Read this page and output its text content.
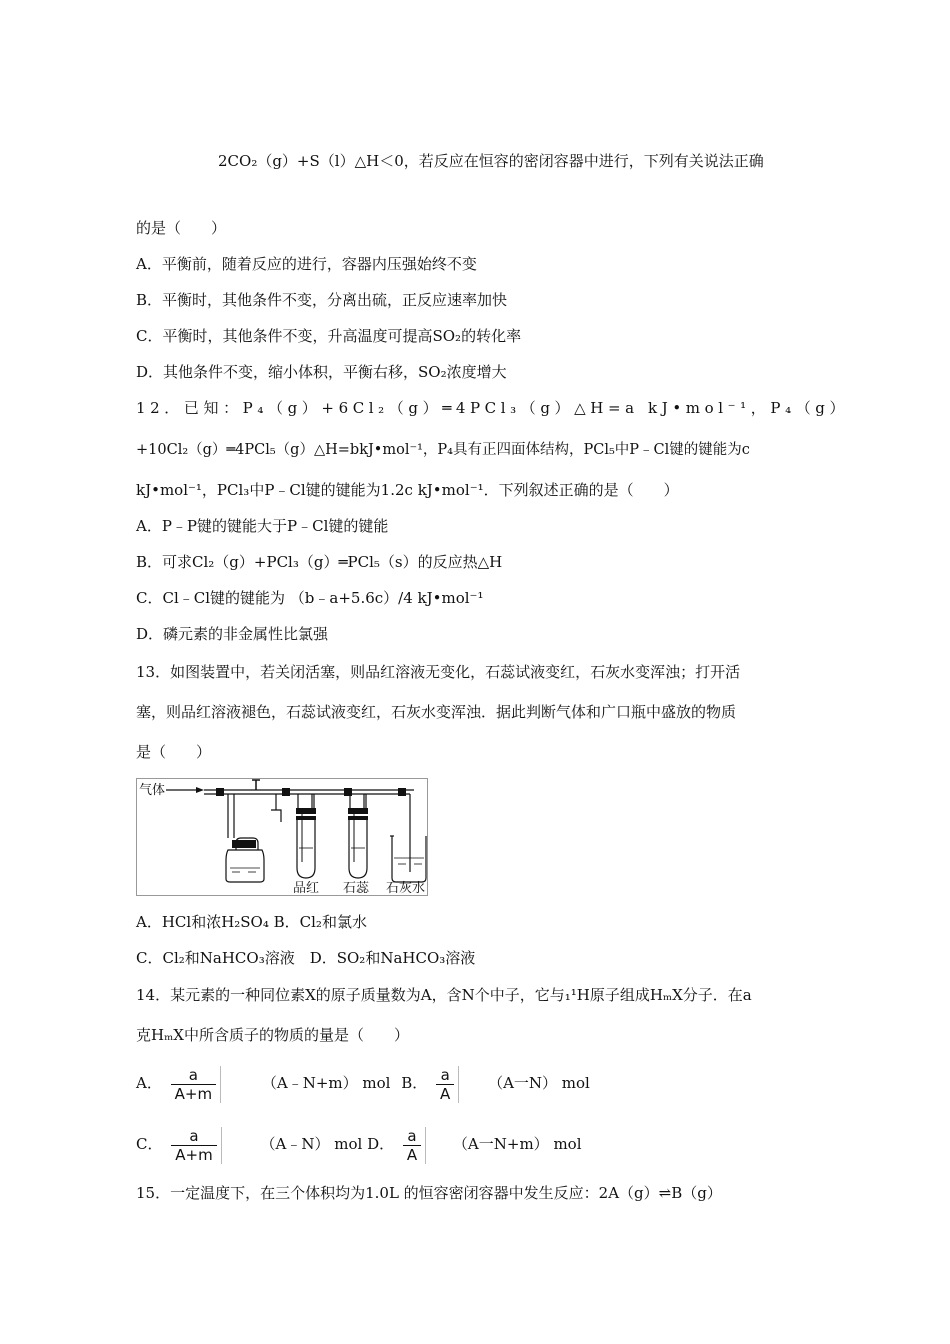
2CO₂（g）+S（l）△H＜0，若反应在恒容的密闭容器中进行，下列有关说法正确
的是（　　）
A．平衡前，随着反应的进行，容器内压强始终不变
B．平衡时，其他条件不变，分离出硫，正反应速率加快
C．平衡时，其他条件不变，升高温度可提高SO₂的转化率
D．其他条件不变，缩小体积，平衡右移，SO₂浓度增大
12．已知：P₄（g）+6Cl₂（g）═4PCl₃（g）△H=a kJ•mol⁻¹，P₄（g）
+10Cl₂（g）═4PCl₅（g）△H=bkJ•mol⁻¹，P₄具有正四面体结构，PCl₅中P﹣Cl键的键能为c
kJ•mol⁻¹，PCl₃中P﹣Cl键的键能为1.2c kJ•mol⁻¹．下列叙述正确的是（　　）
A．P﹣P键的键能大于P﹣Cl键的键能
B．可求Cl₂（g）+PCl₃（g）═PCl₅（s）的反应热△H
C．Cl﹣Cl键的键能为 （b﹣a+5.6c）/4 kJ•mol⁻¹
D．磷元素的非金属性比氯强
13．如图装置中，若关闭活塞，则品红溶液无变化，石蕊试液变红，石灰水变浑浊；打开活
塞，则品红溶液褪色，石蕊试液变红，石灰水变浑浊．据此判断气体和广口瓶中盛放的物质
是（　　）
气体
品红 石蕊 石灰水
A．HCl和浓H₂SO₄ B．Cl₂和氯水
C．Cl₂和NaHCO₃溶液　D．SO₂和NaHCO₃溶液
14．某元素的一种同位素X的原子质量数为A，含N个中子，它与₁¹H原子组成HₘX分子．在a
克HₘX中所含质子的物质的量是（　　）
A． $\frac{a}{A+m}$	（A﹣N+m） mol B． $\frac{a}{A} (A$一N） mol
C． $\frac{a}{A+m}$	（A﹣N） mol D． $\frac{a}{A} (A$一N+m） mol
15．一定温度下，在三个体积均为1.0L 的恒容密闭容器中发生反应：2A（g）⇌B（g）
